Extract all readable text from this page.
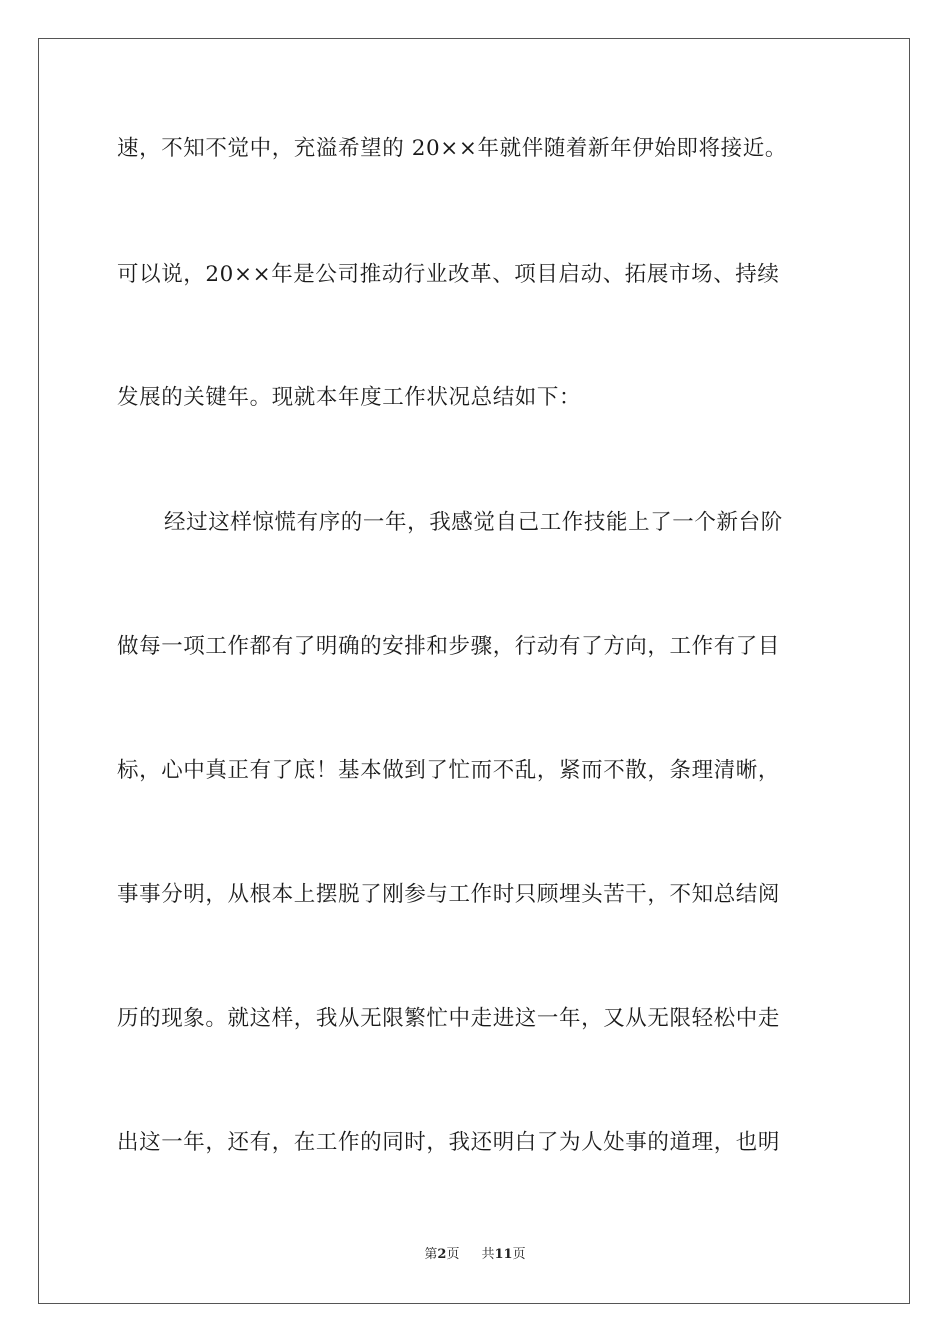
速，不知不觉中，充溢希望的 20××年就伴随着新年伊始即将接近。
可以说，20××年是公司推动行业改革、项目启动、拓展市场、持续
发展的关键年。现就本年度工作状况总结如下：
经过这样惊慌有序的一年，我感觉自己工作技能上了一个新台阶
做每一项工作都有了明确的安排和步骤，行动有了方向，工作有了目
标，心中真正有了底！基本做到了忙而不乱，紧而不散，条理清晰，
事事分明，从根本上摆脱了刚参与工作时只顾埋头苦干，不知总结阅
历的现象。就这样，我从无限繁忙中走进这一年，又从无限轻松中走
出这一年，还有，在工作的同时，我还明白了为人处事的道理，也明
第2页 共11页
